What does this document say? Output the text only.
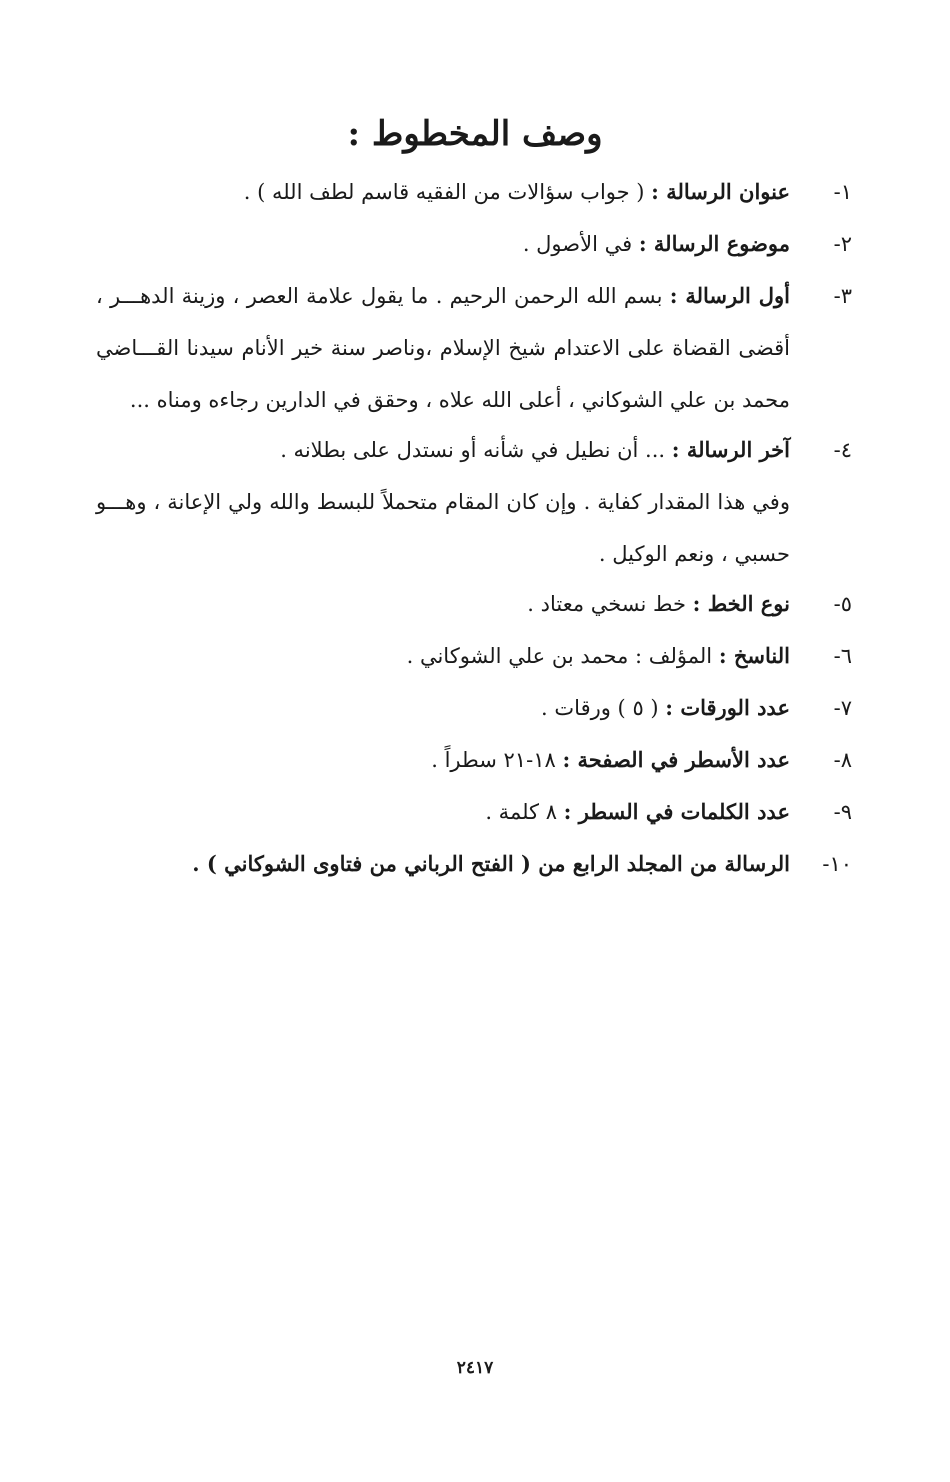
وصف المخطوط :
١-
عنوان الرسالة : ( جواب سؤالات من الفقيه قاسم لطف الله ) .
٢-
موضوع الرسالة : في الأصول .
٣-
أول الرسالة : بسم الله الرحمن الرحيم . ما يقول علامة العصر ، وزينة الدهـــر ،
أقضى القضاة على الاعتدام شيخ الإسلام ،وناصر سنة خير الأنام سيدنا القـــاضي
محمد بن علي الشوكاني ، أعلى الله علاه ، وحقق في الدارين رجاءه ومناه ...
٤-
آخر الرسالة : ... أن نطيل في شأنه أو نستدل على بطلانه .
وفي هذا المقدار كفاية . وإن كان المقام متحملاً للبسط والله ولي الإعانة ، وهـــو
حسبي ، ونعم الوكيل .
٥-
نوع الخط : خط نسخي معتاد .
٦-
الناسخ : المؤلف : محمد بن علي الشوكاني .
٧-
عدد الورقات : ( ٥ ) ورقات .
٨-
عدد الأسطر في الصفحة : ١٨-٢١ سطراً .
٩-
عدد الكلمات في السطر : ٨ كلمة .
١٠-
الرسالة من المجلد الرابع من ( الفتح الرباني من فتاوى الشوكاني ) .
٢٤١٧
